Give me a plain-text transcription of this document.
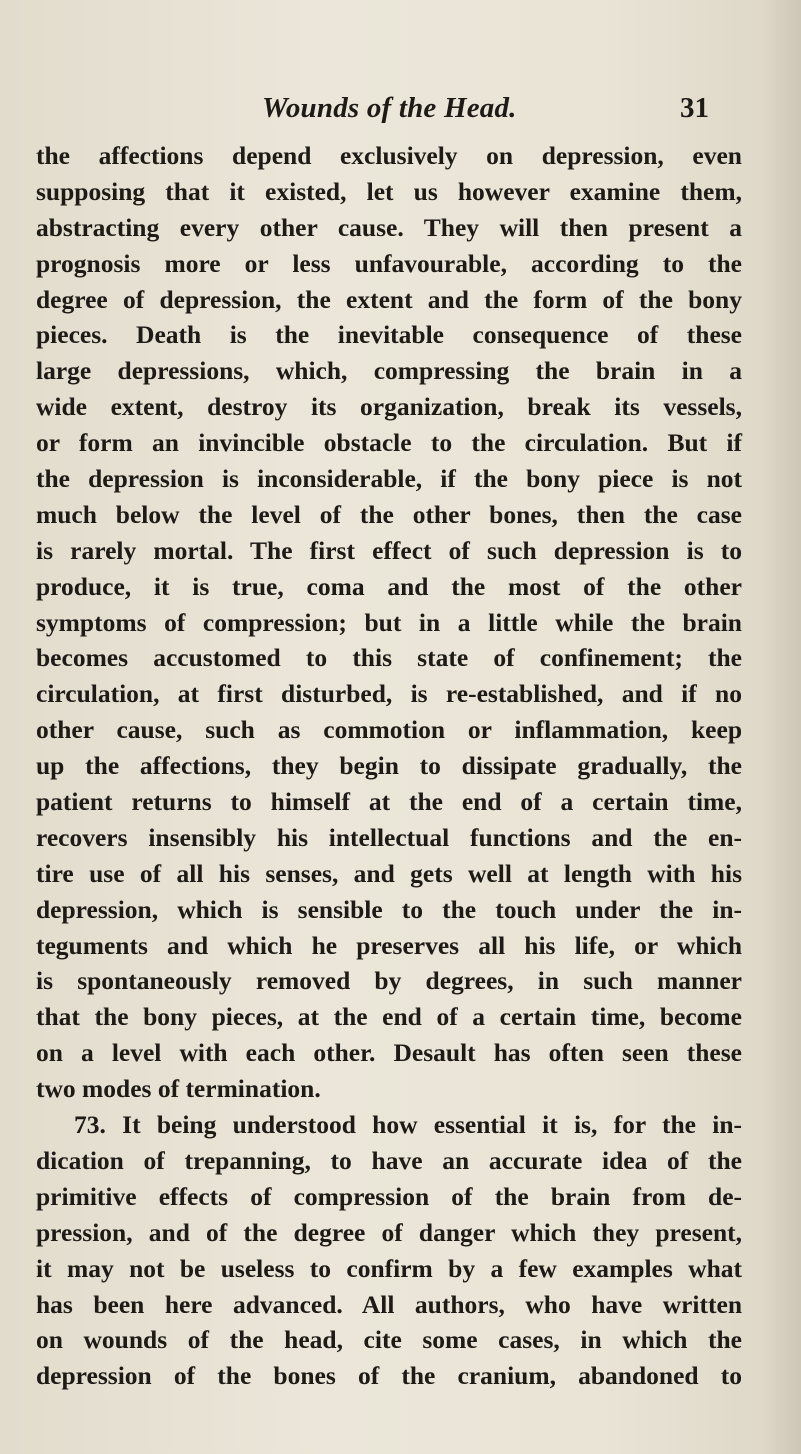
Wounds of the Head.	31
the affections depend exclusively on depression, even
supposing that it existed, let us however examine them,
abstracting every other cause. They will then present a
prognosis more or less unfavourable, according to the
degree of depression, the extent and the form of the bony
pieces. Death is the inevitable consequence of these
large depressions, which, compressing the brain in a
wide extent, destroy its organization, break its vessels,
or form an invincible obstacle to the circulation. But if
the depression is inconsiderable, if the bony piece is not
much below the level of the other bones, then the case
is rarely mortal. The first effect of such depression is to
produce, it is true, coma and the most of the other
symptoms of compression; but in a little while the brain
becomes accustomed to this state of confinement; the
circulation, at first disturbed, is re-established, and if no
other cause, such as commotion or inflammation, keep
up the affections, they begin to dissipate gradually, the
patient returns to himself at the end of a certain time,
recovers insensibly his intellectual functions and the en-
tire use of all his senses, and gets well at length with his
depression, which is sensible to the touch under the in-
teguments and which he preserves all his life, or which
is spontaneously removed by degrees, in such manner
that the bony pieces, at the end of a certain time, become
on a level with each other. Desault has often seen these
two modes of termination.
73. It being understood how essential it is, for the in-
dication of trepanning, to have an accurate idea of the
primitive effects of compression of the brain from de-
pression, and of the degree of danger which they present,
it may not be useless to confirm by a few examples what
has been here advanced. All authors, who have written
on wounds of the head, cite some cases, in which the
depression of the bones of the cranium, abandoned to
